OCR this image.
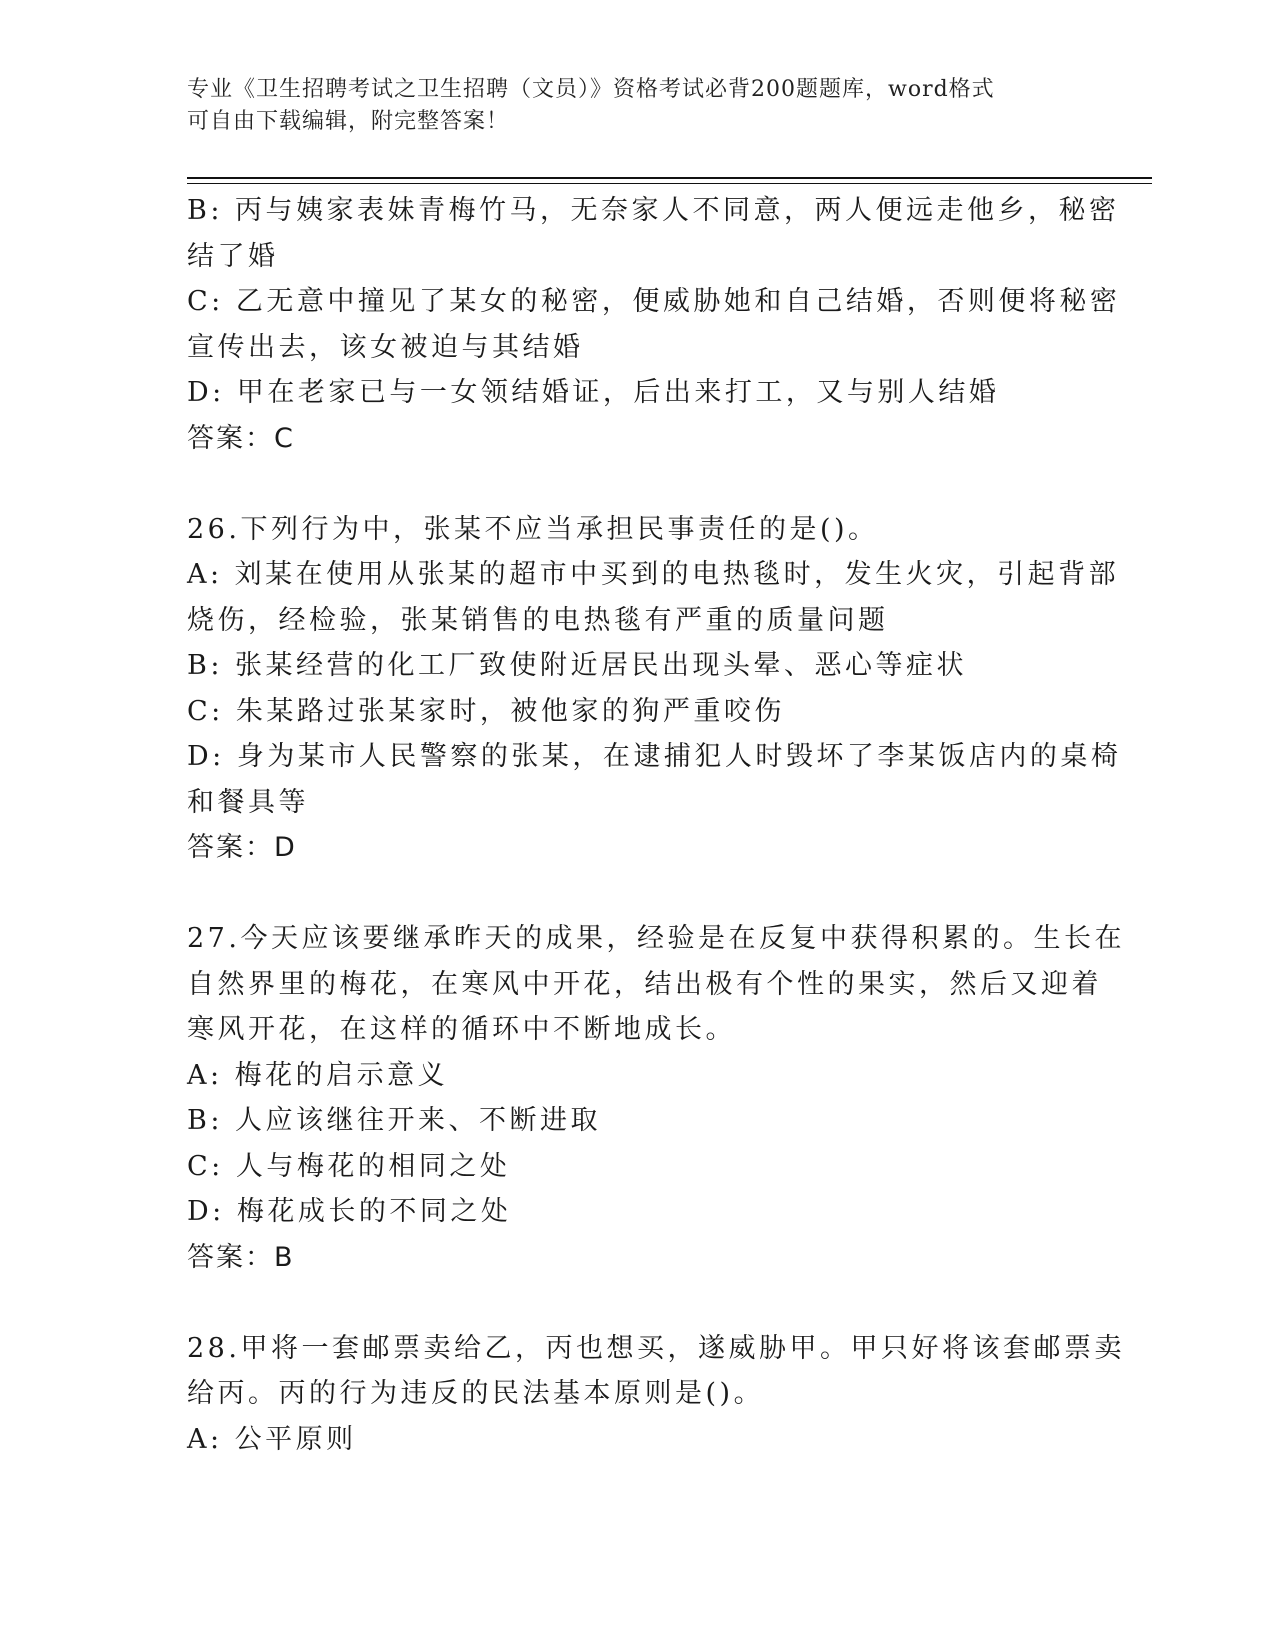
专业《卫生招聘考试之卫生招聘（文员）》资格考试必背200题题库，word格式
可自由下载编辑，附完整答案！
B: 丙与姨家表妹青梅竹马，无奈家人不同意，两人便远走他乡，秘密
结了婚
C: 乙无意中撞见了某女的秘密，便威胁她和自己结婚，否则便将秘密
宣传出去，该女被迫与其结婚
D: 甲在老家已与一女领结婚证，后出来打工，又与别人结婚
答案：C
26.下列行为中，张某不应当承担民事责任的是()。
A: 刘某在使用从张某的超市中买到的电热毯时，发生火灾，引起背部
烧伤，经检验，张某销售的电热毯有严重的质量问题
B: 张某经营的化工厂致使附近居民出现头晕、恶心等症状
C: 朱某路过张某家时，被他家的狗严重咬伤
D: 身为某市人民警察的张某，在逮捕犯人时毁坏了李某饭店内的桌椅
和餐具等
答案：D
27.今天应该要继承昨天的成果，经验是在反复中获得积累的。生长在
自然界里的梅花，在寒风中开花，结出极有个性的果实，然后又迎着
寒风开花，在这样的循环中不断地成长。
A: 梅花的启示意义
B: 人应该继往开来、不断进取
C: 人与梅花的相同之处
D: 梅花成长的不同之处
答案：B
28.甲将一套邮票卖给乙，丙也想买，遂威胁甲。甲只好将该套邮票卖
给丙。丙的行为违反的民法基本原则是()。
A: 公平原则
